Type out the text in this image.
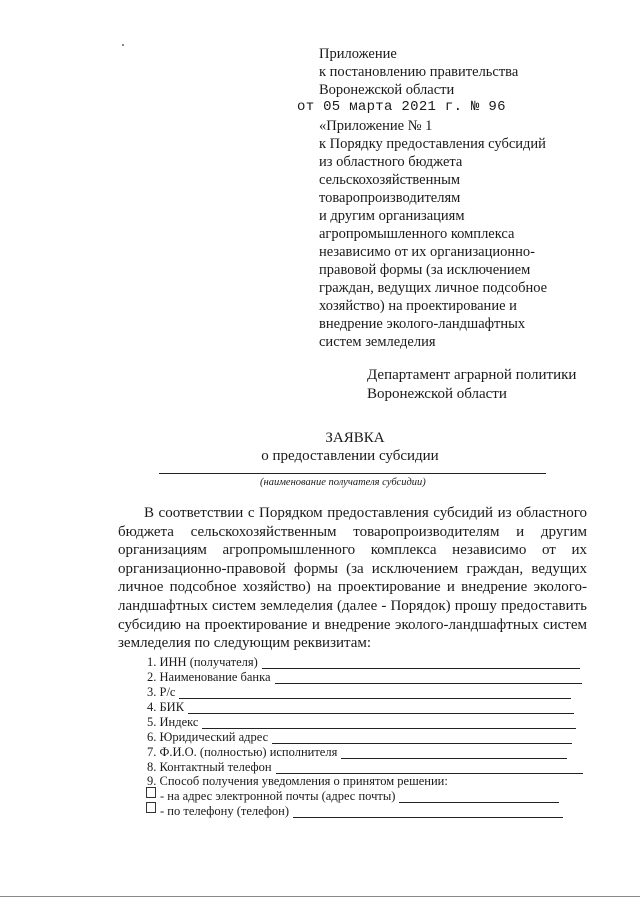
Приложение
к постановлению правительства
Воронежской области
от 05 марта 2021 г. № 96
«Приложение № 1
к Порядку предоставления субсидий
из областного бюджета
сельскохозяйственным
товаропроизводителям
и другим организациям
агропромышленного комплекса
независимо от их организационно-
правовой формы (за исключением
граждан, ведущих личное подсобное
хозяйство) на проектирование и
внедрение эколого-ландшафтных
систем земледелия
Департамент аграрной политики
Воронежской области
ЗАЯВКА
о предоставлении субсидии
(наименование получателя субсидии)
В соответствии с Порядком предоставления субсидий из областного
бюджета сельскохозяйственным товаропроизводителям и другим
организациям агропромышленного комплекса независимо от их
организационно-правовой формы (за исключением граждан, ведущих
личное подсобное хозяйство) на проектирование и внедрение эколого-
ландшафтных систем земледелия (далее - Порядок) прошу предоставить
субсидию на проектирование и внедрение эколого-ландшафтных систем
земледелия по следующим реквизитам:
1. ИНН (получателя)
2. Наименование банка
3. Р/с
4. БИК
5. Индекс
6. Юридический адрес
7. Ф.И.О. (полностью) исполнителя
8. Контактный телефон
9. Способ получения уведомления о принятом решении:
- на адрес электронной почты (адрес почты)
- по телефону (телефон)
